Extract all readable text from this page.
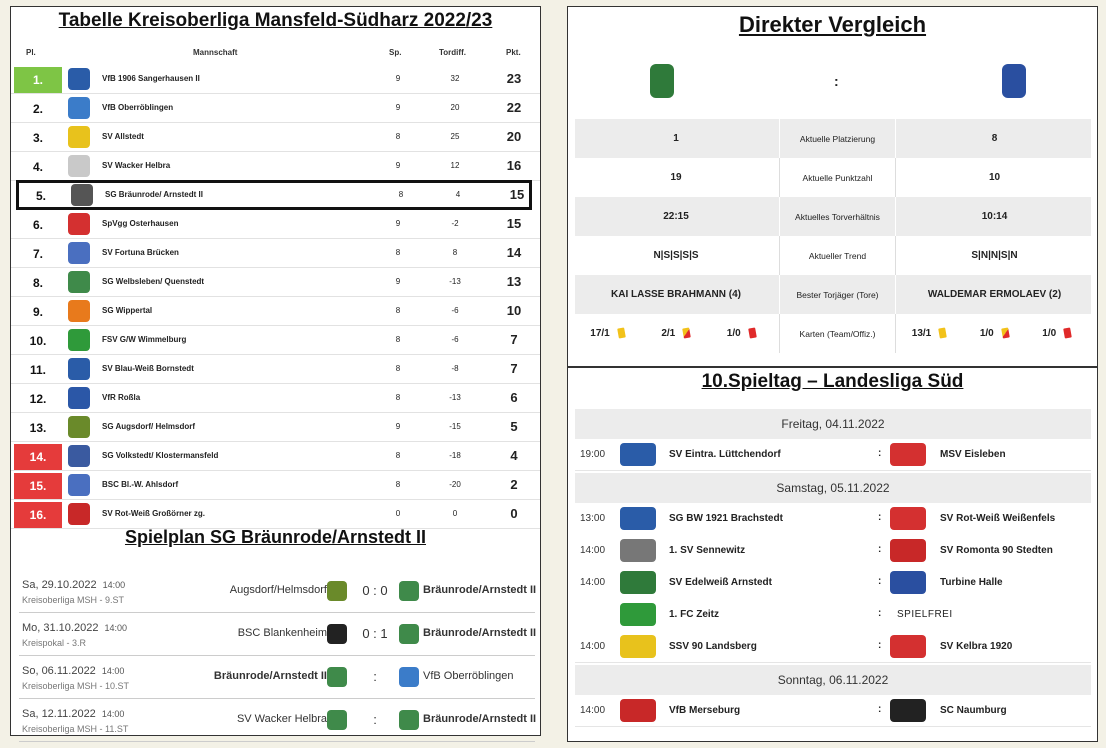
Tabelle Kreisoberliga Mansfeld-Südharz 2022/23
Pl.	Mannschaft	Sp.	Tordiff.	Pkt.
1.	VfB 1906 Sangerhausen II	9	32	23
2.	VfB Oberröblingen	9	20	22
3.	SV Allstedt	8	25	20
4.	SV Wacker Helbra	9	12	16
5.	SG Bräunrode/ Arnstedt II	8	4	15
6.	SpVgg Osterhausen	9	-2	15
7.	SV Fortuna Brücken	8	8	14
8.	SG Welbsleben/ Quenstedt	9	-13	13
9.	SG Wippertal	8	-6	10
10.	FSV G/W Wimmelburg	8	-6	7
11.	SV Blau-Weiß Bornstedt	8	-8	7
12.	VfR Roßla	8	-13	6
13.	SG Augsdorf/ Helmsdorf	9	-15	5
14.	SG Volkstedt/ Klostermansfeld	8	-18	4
15.	BSC Bl.-W. Ahlsdorf	8	-20	2
16.	SV Rot-Weiß Großörner zg.	0	0	0
Spielplan SG Bräunrode/Arnstedt II
Sa, 29.10.2022 14:00
Kreisoberliga MSH - 9.ST
Augsdorf/Helmsdorf	0 : 0	Bräunrode/Arnstedt II
Mo, 31.10.2022 14:00
Kreispokal - 3.R
BSC Blankenheim	0 : 1	Bräunrode/Arnstedt II
So, 06.11.2022 14:00
Kreisoberliga MSH - 10.ST
Bräunrode/Arnstedt II	:	VfB Oberröblingen
Sa, 12.11.2022 14:00
Kreisoberliga MSH - 11.ST
SV Wacker Helbra	:	Bräunrode/Arnstedt II
Direkter Vergleich
:
1	Aktuelle Platzierung	8
19	Aktuelle Punktzahl	10
22:15	Aktuelles Torverhältnis	10:14
N|S|S|S|S	Aktueller Trend	S|N|N|S|N
KAI LASSE BRAHMANN (4)	Bester Torjäger (Tore)	WALDEMAR ERMOLAEV (2)
17/1	2/1	1/0	Karten (Team/Offiz.)	13/1	1/0	1/0
10.Spieltag – Landesliga Süd
Freitag, 04.11.2022
19:00	SV Eintra. Lüttchendorf	:	MSV Eisleben
Samstag, 05.11.2022
13:00	SG BW 1921 Brachstedt	:	SV Rot-Weiß Weißenfels
14:00	1. SV Sennewitz	:	SV Romonta 90 Stedten
14:00	SV Edelweiß Arnstedt	:	Turbine Halle
1. FC Zeitz	: SPIELFREI
14:00	SSV 90 Landsberg	:	SV Kelbra 1920
Sonntag, 06.11.2022
14:00	VfB Merseburg	:	SC Naumburg
